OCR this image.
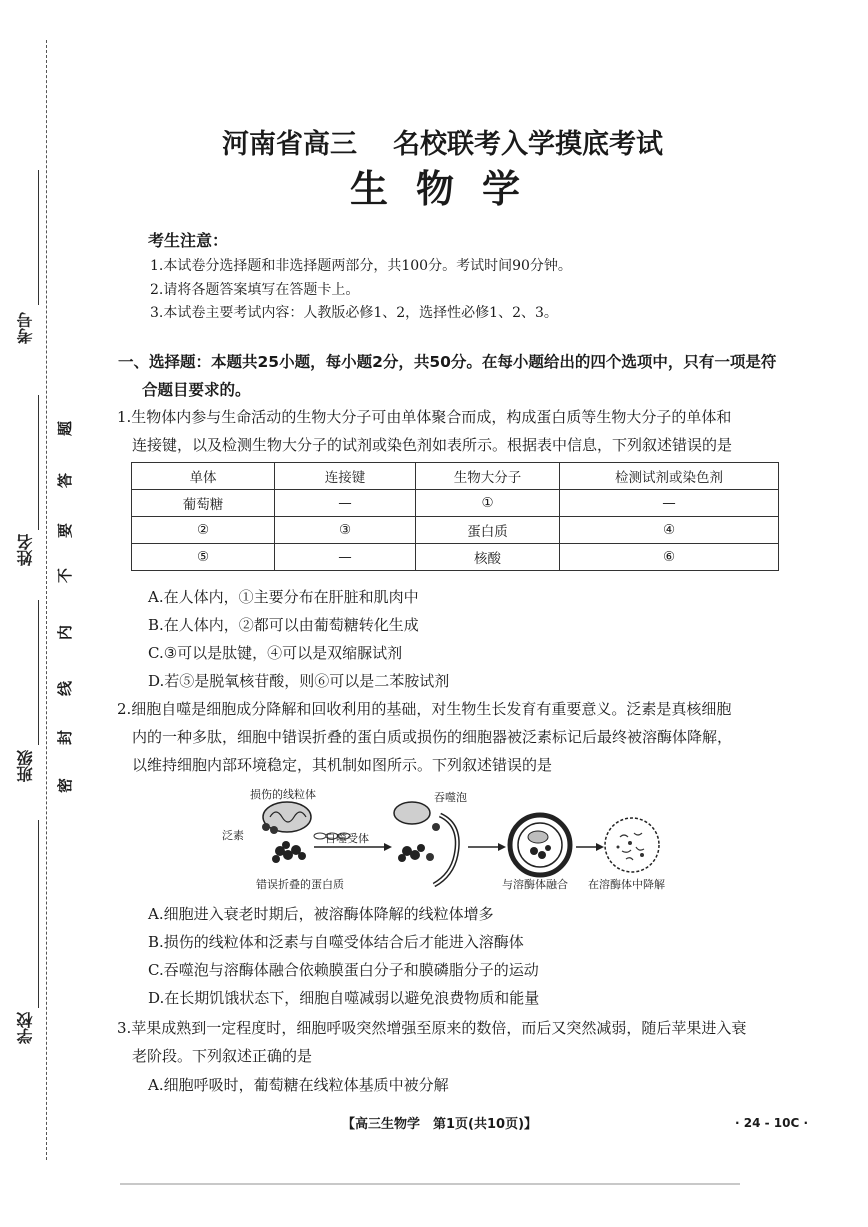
考号
姓名
班级
学校
密
封
线
内
不
要
答
题
河南省高三 名校联考入学摸底考试
生物学
考生注意：
1.本试卷分选择题和非选择题两部分，共100分。考试时间90分钟。
2.请将各题答案填写在答题卡上。
3.本试卷主要考试内容：人教版必修1、2，选择性必修1、2、3。
一、选择题：本题共25小题，每小题2分，共50分。在每小题给出的四个选项中，只有一项是符
合题目要求的。
1.生物体内参与生命活动的生物大分子可由单体聚合而成，构成蛋白质等生物大分子的单体和
连接键，以及检测生物大分子的试剂或染色剂如表所示。根据表中信息，下列叙述错误的是
单体	连接键	生物大分子	检测试剂或染色剂
葡萄糖	—	①	—
②	③	蛋白质	④
⑤	—	核酸	⑥
A.在人体内，①主要分布在肝脏和肌肉中
B.在人体内，②都可以由葡萄糖转化生成
C.③可以是肽键，④可以是双缩脲试剂
D.若⑤是脱氧核苷酸，则⑥可以是二苯胺试剂
2.细胞自噬是细胞成分降解和回收利用的基础，对生物生长发育有重要意义。泛素是真核细胞
内的一种多肽，细胞中错误折叠的蛋白质或损伤的细胞器被泛素标记后最终被溶酶体降解，
以维持细胞内部环境稳定，其机制如图所示。下列叙述错误的是
损伤的线粒体
泛素	自噬受体
吞噬泡
错误折叠的蛋白质	与溶酶体融合 在溶酶体中降解
A.细胞进入衰老时期后，被溶酶体降解的线粒体增多
B.损伤的线粒体和泛素与自噬受体结合后才能进入溶酶体
C.吞噬泡与溶酶体融合依赖膜蛋白分子和膜磷脂分子的运动
D.在长期饥饿状态下，细胞自噬减弱以避免浪费物质和能量
3.苹果成熟到一定程度时，细胞呼吸突然增强至原来的数倍，而后又突然减弱，随后苹果进入衰
老阶段。下列叙述正确的是
A.细胞呼吸时，葡萄糖在线粒体基质中被分解
【高三生物学　第1页(共10页)】	· 24 - 10C ·
